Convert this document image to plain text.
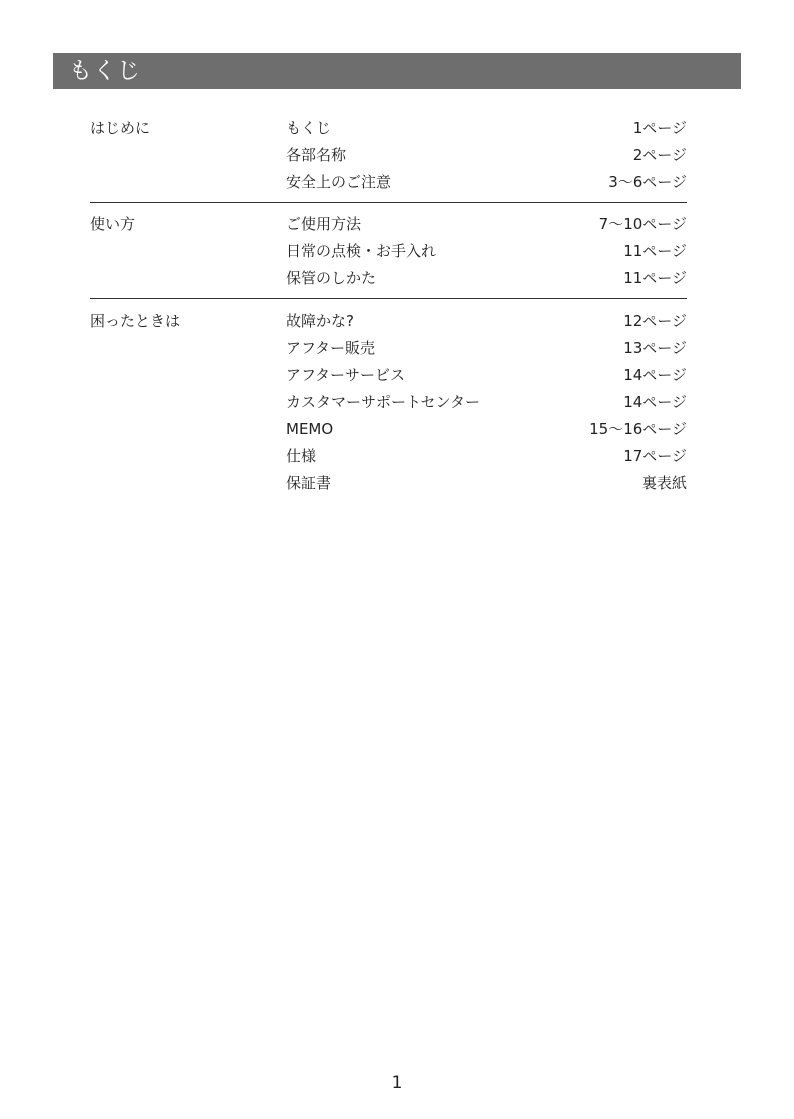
もくじ
はじめに	もくじ	1ページ
各部名称	2ページ
安全上のご注意	3～6ページ
使い方	ご使用方法	7～10ページ
日常の点検・お手入れ	11ページ
保管のしかた	11ページ
困ったときは	故障かな?	12ページ
アフター販売	13ページ
アフターサービス	14ページ
カスタマーサポートセンター	14ページ
MEMO	15～16ページ
仕様	17ページ
保証書	裏表紙
1
